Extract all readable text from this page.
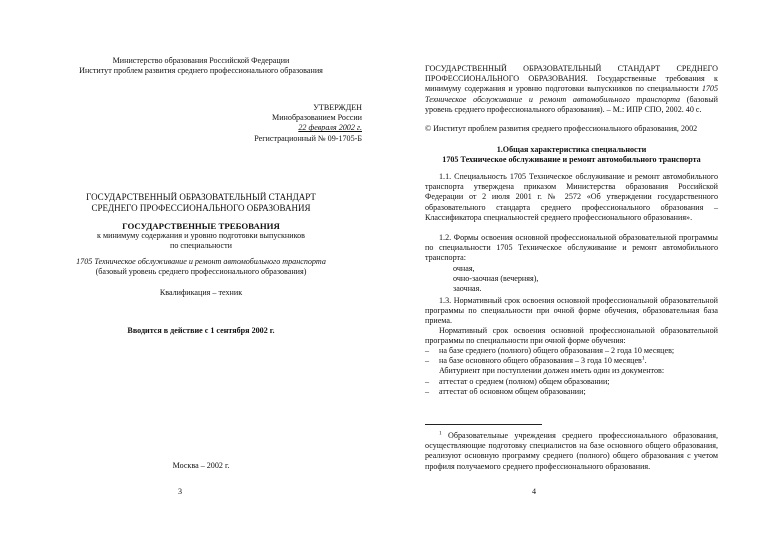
Министерство образования Российской Федерации
Институт проблем развития среднего профессионального образования
УТВЕРЖДЕН
Минобразованием России
22 февраля 2002 г.
Регистрационный № 09-1705-Б
ГОСУДАРСТВЕННЫЙ ОБРАЗОВАТЕЛЬНЫЙ СТАНДАРТ
СРЕДНЕГО ПРОФЕССИОНАЛЬНОГО ОБРАЗОВАНИЯ
ГОСУДАРСТВЕННЫЕ ТРЕБОВАНИЯ
к минимуму содержания и уровню подготовки выпускников
по специальности
1705 Техническое обслуживание и ремонт автомобильного транспорта
(базовый уровень среднего профессионального образования)
Квалификация – техник
Вводится в действие с 1 сентября 2002 г.
Москва – 2002 г.
3
ГОСУДАРСТВЕННЫЙ ОБРАЗОВАТЕЛЬНЫЙ СТАНДАРТ СРЕДНЕГО ПРОФЕССИОНАЛЬНОГО ОБРАЗОВАНИЯ. Государственные требования к минимуму содержания и уровню подготовки выпускников по специальности 1705 Техническое обслуживание и ремонт автомобильного транспорта (базовый уровень среднего профессионального образования). – М.: ИПР СПО, 2002. 40 с.
© Институт проблем развития среднего профессионального образования, 2002
1.Общая характеристика специальности
1705 Техническое обслуживание и ремонт автомобильного транспорта
1.1. Специальность 1705 Техническое обслуживание и ремонт автомобильного транспорта утверждена приказом Министерства образования Российской Федерации от 2 июля 2001 г. № 2572 «Об утверждении государственного образовательного стандарта среднего профессионального образования – Классификатора специальностей среднего профессионального образования».
1.2. Формы освоения основной профессиональной образовательной программы по специальности 1705 Техническое обслуживание и ремонт автомобильного транспорта:
очная,
очно-заочная (вечерняя),
заочная.
1.3. Нормативный срок освоения основной профессиональной образовательной программы по специальности при очной форме обучения, образовательная база приема.
Нормативный срок освоения основной профессиональной образовательной программы по специальности при очной форме обучения:
– на базе среднего (полного) общего образования – 2 года 10 месяцев;
– на базе основного общего образования – 3 года 10 месяцев$^1$.
Абитуриент при поступлении должен иметь один из документов:
– аттестат о среднем (полном) общем образовании;
– аттестат об основном общем образовании;
$^1$ Образовательные учреждения среднего профессионального образования, осуществляющие подготовку специалистов на базе основного общего образования, реализуют основную программу среднего (полного) общего образования с учетом профиля получаемого среднего профессионального образования.
4
